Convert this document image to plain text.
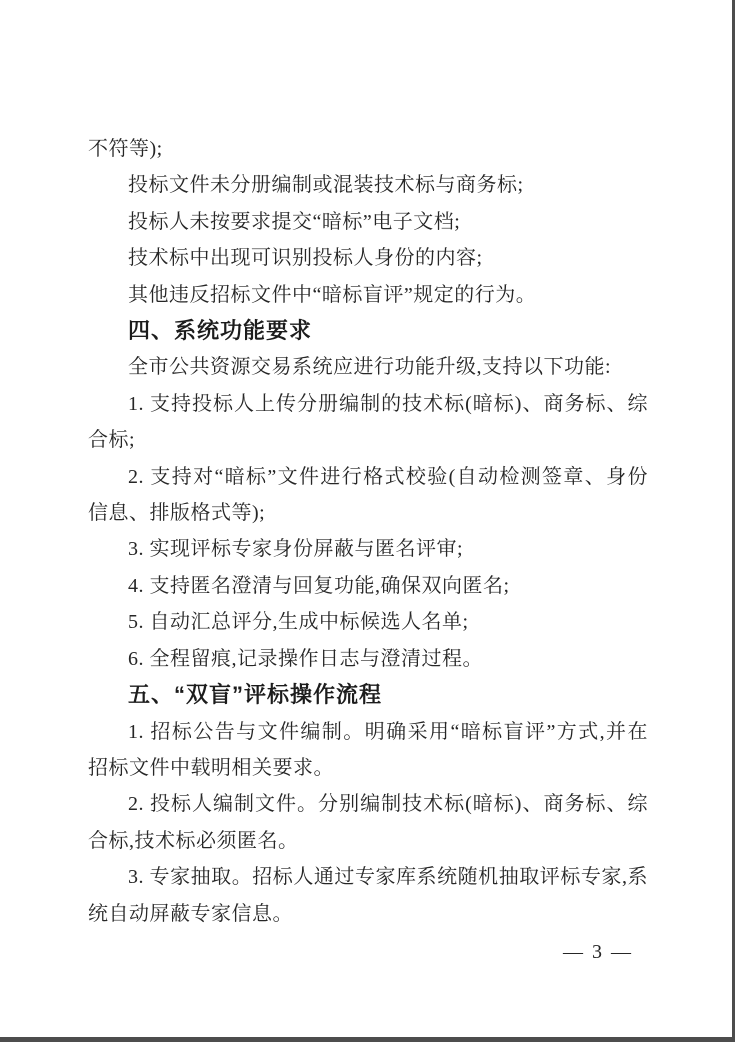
不符等);

投标文件未分册编制或混装技术标与商务标;

投标人未按要求提交“暗标”电子文档;

技术标中出现可识别投标人身份的内容;

其他违反招标文件中“暗标盲评”规定的行为。

四、系统功能要求

全市公共资源交易系统应进行功能升级,支持以下功能:

1. 支持投标人上传分册编制的技术标(暗标)、商务标、综

合标;

2. 支持对“暗标”文件进行格式校验(自动检测签章、身份

信息、排版格式等);

3. 实现评标专家身份屏蔽与匿名评审;

4. 支持匿名澄清与回复功能,确保双向匿名;

5. 自动汇总评分,生成中标候选人名单;

6. 全程留痕,记录操作日志与澄清过程。

五、“双盲”评标操作流程

1. 招标公告与文件编制。明确采用“暗标盲评”方式,并在

招标文件中载明相关要求。

2. 投标人编制文件。分别编制技术标(暗标)、商务标、综

合标,技术标必须匿名。

3. 专家抽取。招标人通过专家库系统随机抽取评标专家,系

统自动屏蔽专家信息。

— 3 —
